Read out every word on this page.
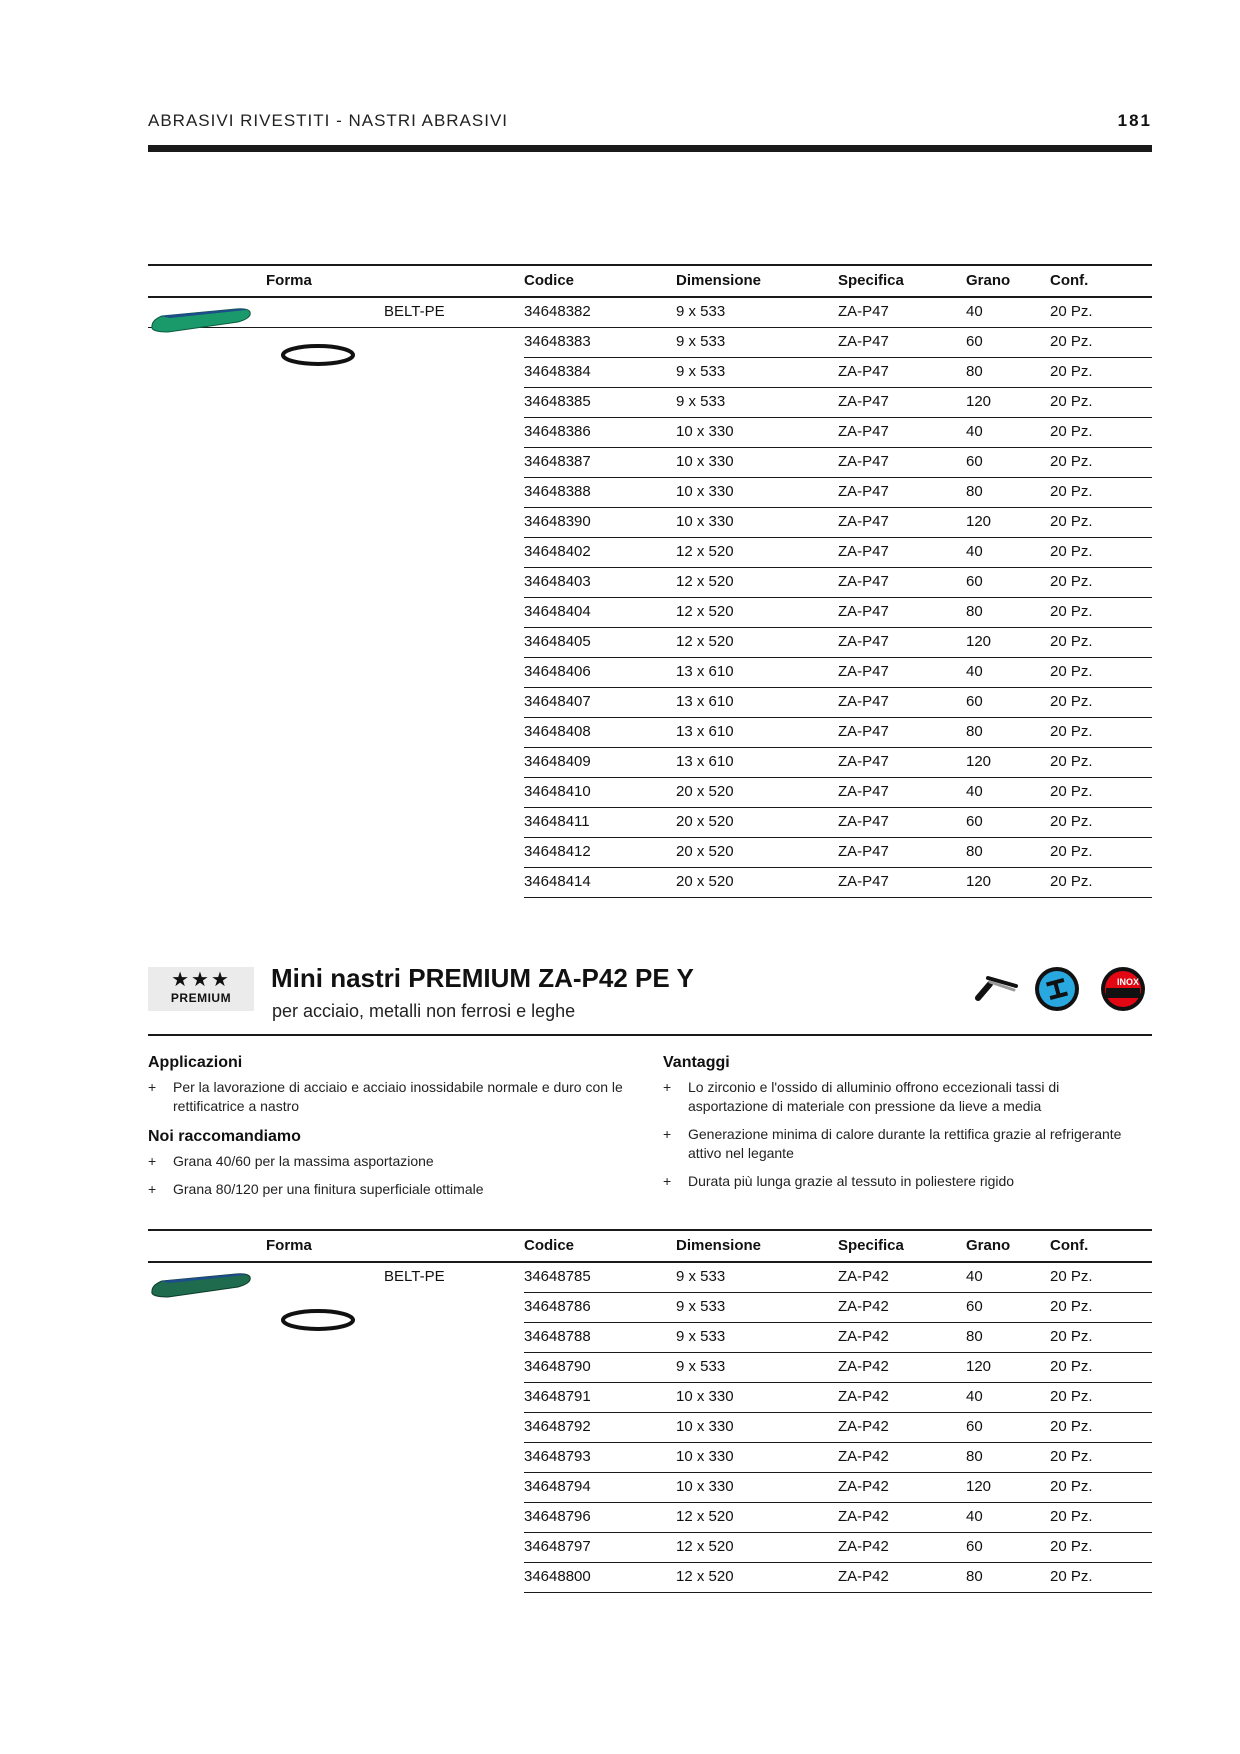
ABRASIVI RIVESTITI - NASTRI ABRASIVI	181
Forma	Codice	Dimensione	Specifica	Grano	Conf.
BELT-PE	34648382	9 x 533	ZA-P47	40	20 Pz.
34648383	9 x 533	ZA-P47	60	20 Pz.
34648384	9 x 533	ZA-P47	80	20 Pz.
34648385	9 x 533	ZA-P47	120	20 Pz.
34648386	10 x 330	ZA-P47	40	20 Pz.
34648387	10 x 330	ZA-P47	60	20 Pz.
34648388	10 x 330	ZA-P47	80	20 Pz.
34648390	10 x 330	ZA-P47	120	20 Pz.
34648402	12 x 520	ZA-P47	40	20 Pz.
34648403	12 x 520	ZA-P47	60	20 Pz.
34648404	12 x 520	ZA-P47	80	20 Pz.
34648405	12 x 520	ZA-P47	120	20 Pz.
34648406	13 x 610	ZA-P47	40	20 Pz.
34648407	13 x 610	ZA-P47	60	20 Pz.
34648408	13 x 610	ZA-P47	80	20 Pz.
34648409	13 x 610	ZA-P47	120	20 Pz.
34648410	20 x 520	ZA-P47	40	20 Pz.
34648411	20 x 520	ZA-P47	60	20 Pz.
34648412	20 x 520	ZA-P47	80	20 Pz.
34648414	20 x 520	ZA-P47	120	20 Pz.
★★★
PREMIUM
Mini nastri PREMIUM ZA-P42 PE Y
per acciaio, metalli non ferrosi e leghe
INOX
Applicazioni
+ Per la lavorazione di acciaio e acciaio inossidabile normale e duro con le
rettificatrice a nastro
Noi raccomandiamo
+ Grana 40/60 per la massima asportazione
+ Grana 80/120 per una finitura superficiale ottimale
Vantaggi
+ Lo zirconio e l'ossido di alluminio offrono eccezionali tassi di
asportazione di materiale con pressione da lieve a media
+ Generazione minima di calore durante la rettifica grazie al refrigerante
attivo nel legante
+ Durata più lunga grazie al tessuto in poliestere rigido
Forma	Codice	Dimensione	Specifica	Grano	Conf.
BELT-PE	34648785	9 x 533	ZA-P42	40	20 Pz.
34648786	9 x 533	ZA-P42	60	20 Pz.
34648788	9 x 533	ZA-P42	80	20 Pz.
34648790	9 x 533	ZA-P42	120	20 Pz.
34648791	10 x 330	ZA-P42	40	20 Pz.
34648792	10 x 330	ZA-P42	60	20 Pz.
34648793	10 x 330	ZA-P42	80	20 Pz.
34648794	10 x 330	ZA-P42	120	20 Pz.
34648796	12 x 520	ZA-P42	40	20 Pz.
34648797	12 x 520	ZA-P42	60	20 Pz.
34648800	12 x 520	ZA-P42	80	20 Pz.
